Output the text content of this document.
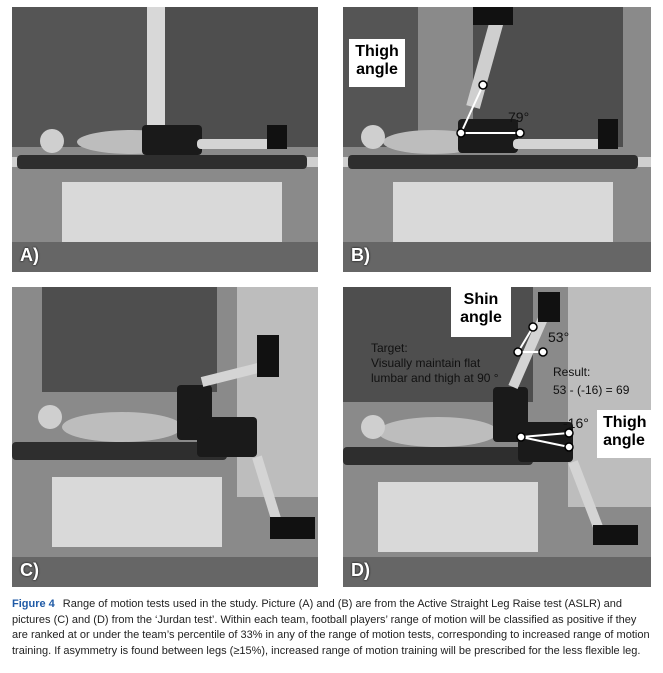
A)
Thigh angle
79°
B)
C)
Shin angle
53°
Target:
Visually maintain flat lumbar and thigh at 90 °	Result:
53 - (-16) = 69
-16° Thigh angle
D)
Figure 4 Range of motion tests used in the study. Picture (A) and (B) are from the Active Straight Leg Raise test (ASLR) and pictures (C) and (D) from the ‘Jurdan test’. Within each team, football players’ range of motion will be classified as positive if they are ranked at or under the team’s percentile of 33% in any of the range of motion tests, corresponding to increased range of motion training. If asymmetry is found between legs (≥15%), increased range of motion training will be prescribed for the less flexible leg.
